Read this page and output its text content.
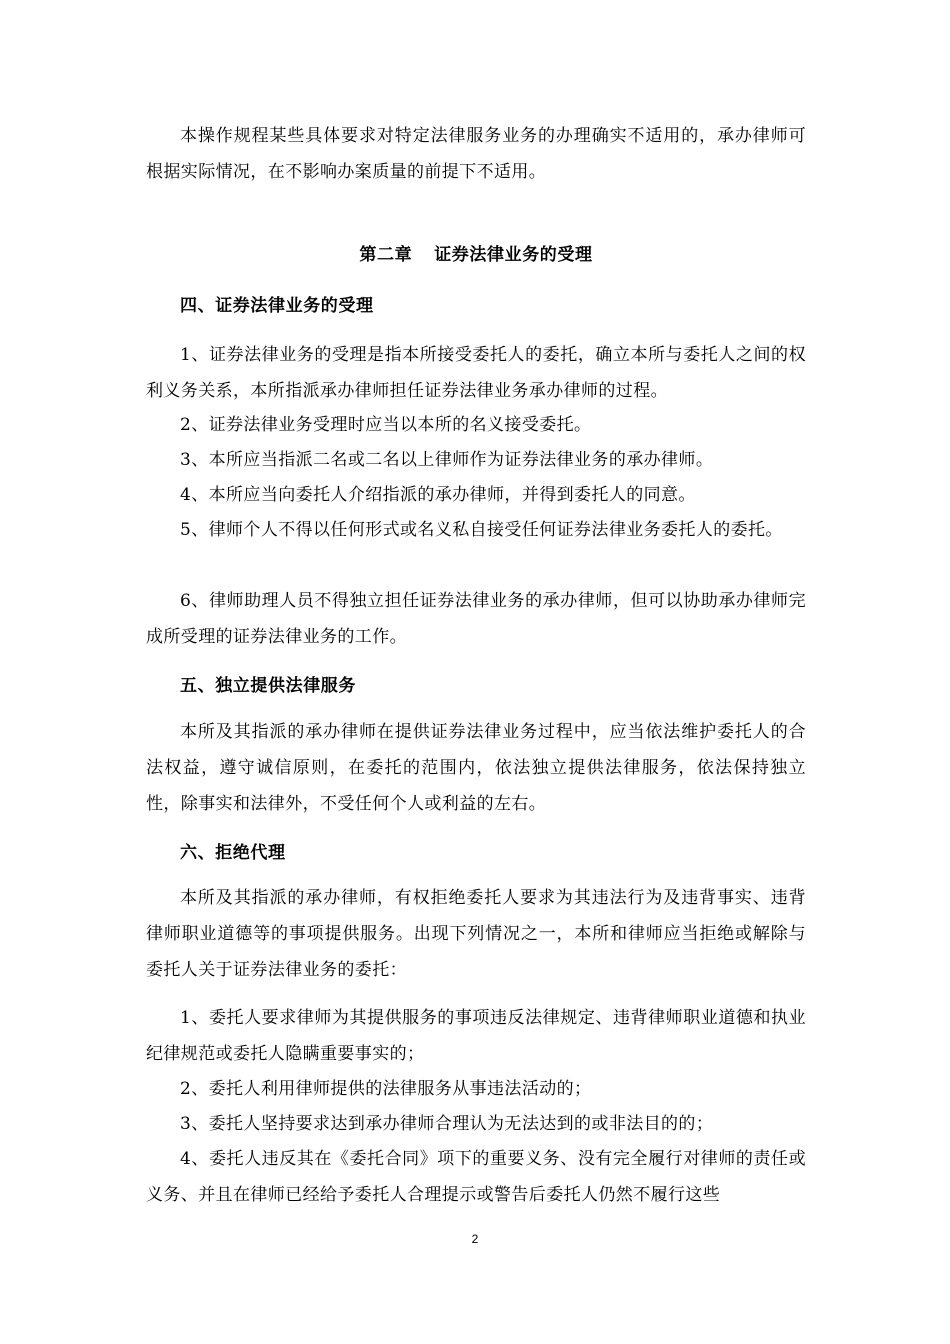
本操作规程某些具体要求对特定法律服务业务的办理确实不适用的，承办律师可根据实际情况，在不影响办案质量的前提下不适用。

第二章 证券法律业务的受理
四、证券法律业务的受理

1、证券法律业务的受理是指本所接受委托人的委托，确立本所与委托人之间的权利义务关系，本所指派承办律师担任证券法律业务承办律师的过程。

2、证券法律业务受理时应当以本所的名义接受委托。

3、本所应当指派二名或二名以上律师作为证券法律业务的承办律师。

4、本所应当向委托人介绍指派的承办律师，并得到委托人的同意。

5、律师个人不得以任何形式或名义私自接受任何证券法律业务委托人的委托。

6、律师助理人员不得独立担任证券法律业务的承办律师，但可以协助承办律师完成所受理的证券法律业务的工作。

五、独立提供法律服务

本所及其指派的承办律师在提供证券法律业务过程中，应当依法维护委托人的合法权益，遵守诚信原则，在委托的范围内，依法独立提供法律服务，依法保持独立性，除事实和法律外，不受任何个人或利益的左右。

六、拒绝代理

本所及其指派的承办律师，有权拒绝委托人要求为其违法行为及违背事实、违背律师职业道德等的事项提供服务。出现下列情况之一，本所和律师应当拒绝或解除与委托人关于证券法律业务的委托：

1、委托人要求律师为其提供服务的事项违反法律规定、违背律师职业道德和执业纪律规范或委托人隐瞒重要事实的；

2、委托人利用律师提供的法律服务从事违法活动的；

3、委托人坚持要求达到承办律师合理认为无法达到的或非法目的的；

4、委托人违反其在《委托合同》项下的重要义务、没有完全履行对律师的责任或义务、并且在律师已经给予委托人合理提示或警告后委托人仍然不履行这些

2
